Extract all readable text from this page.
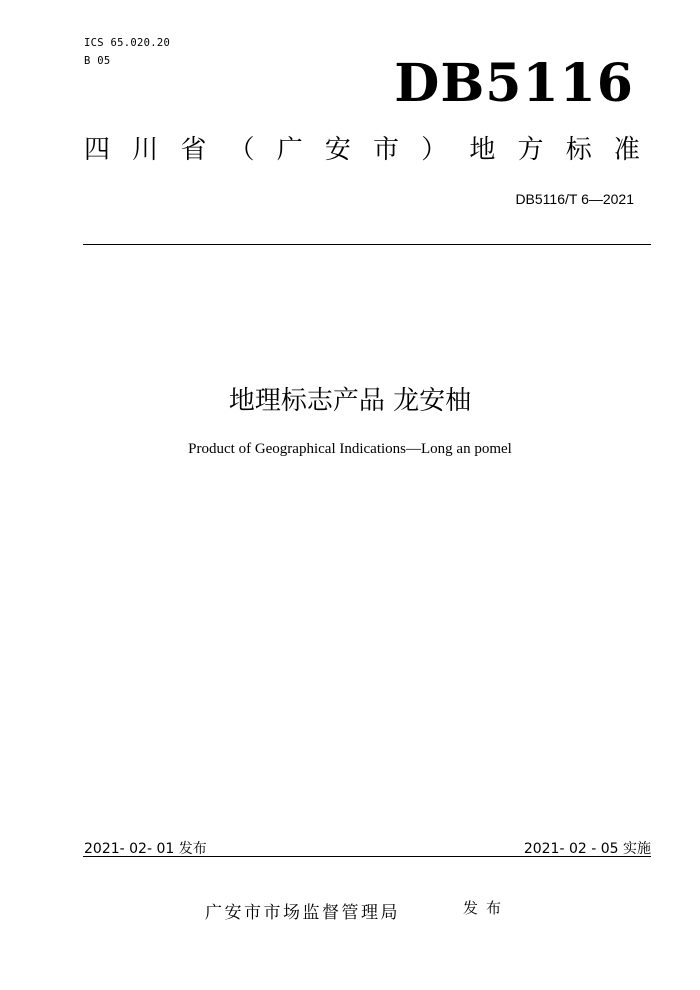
ICS 65.020.20
B 05	DB5116
四 川 省 （ 广 安 市 ） 地 方 标 准
DB5116/T 6—2021
地理标志产品 龙安柚
Product of Geographical Indications—Long an pomel
2021- 02- 01 发布	2021- 02 - 05 实施
广安市市场监督管理局	发布
